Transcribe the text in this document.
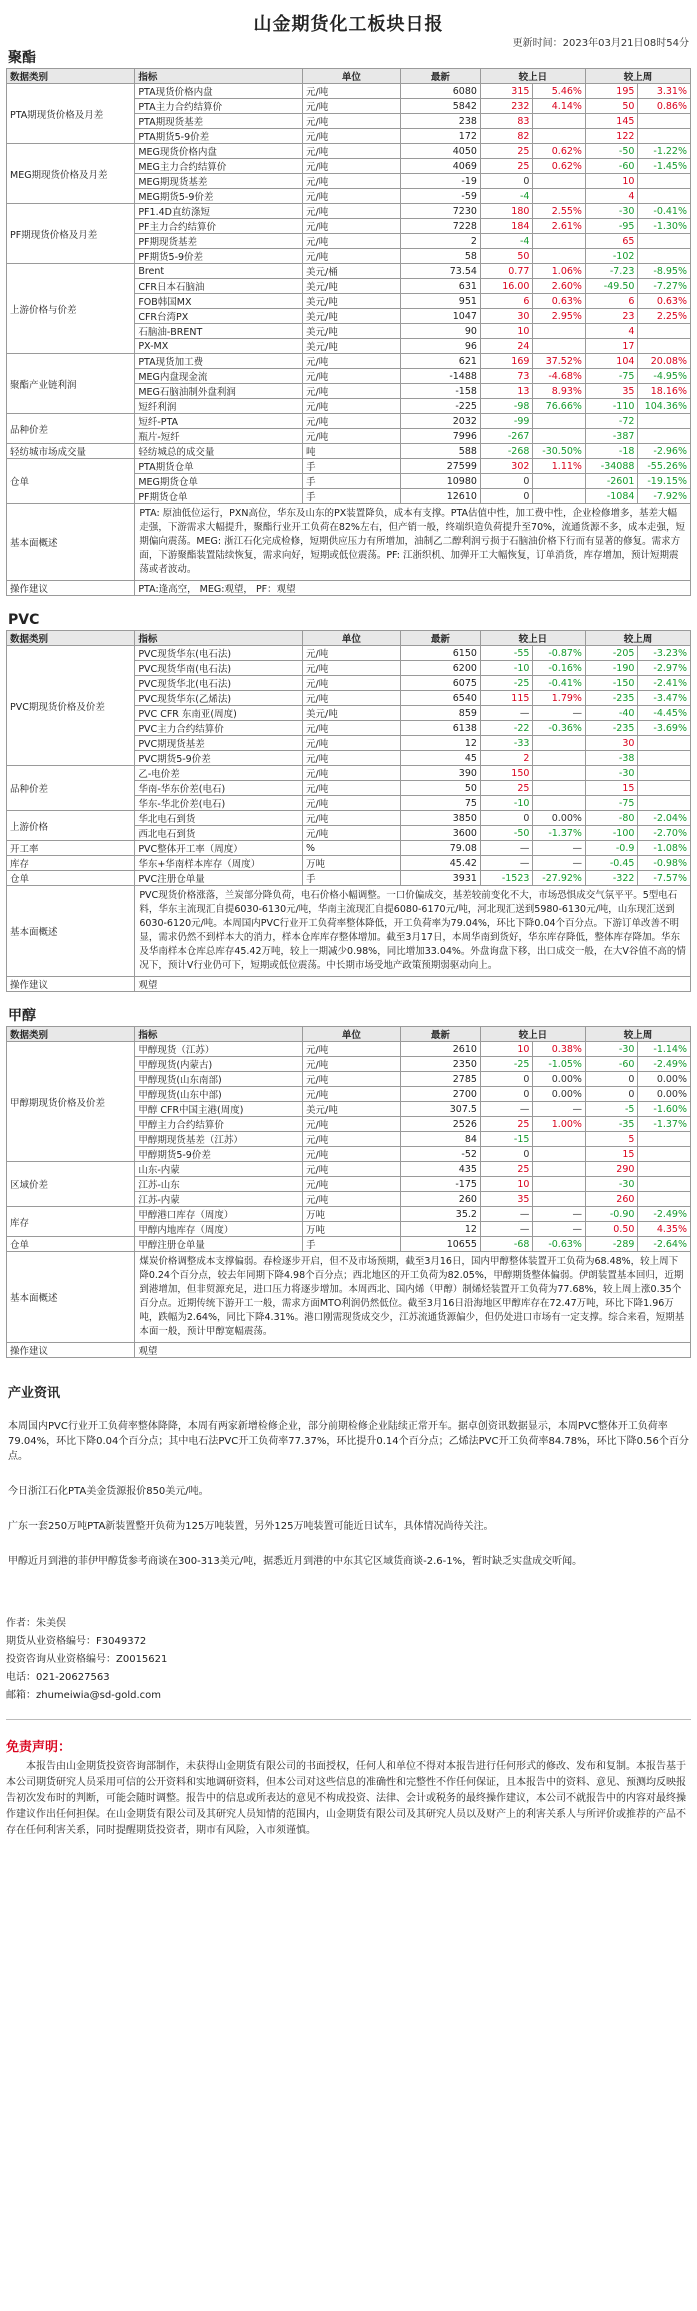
山金期货化工板块日报
更新时间：2023年03月21日08时54分
聚酯
数据类别	指标	单位	最新	较上日		较上周	
PTA期现货价格及月差	PTA现货价格内盘	元/吨	6080	315	5.46%	195	3.31%
	PTA主力合约结算价	元/吨	5842	232	4.14%	50	0.86%
	PTA期现货基差	元/吨	238	83		145	
	PTA期货5-9价差	元/吨	172	82		122	
MEG期现货价格及月差	MEG现货价格内盘	元/吨	4050	25	0.62%	-50	-1.22%
	MEG主力合约结算价	元/吨	4069	25	0.62%	-60	-1.45%
	MEG期现货基差	元/吨	-19	0		10	
	MEG期货5-9价差	元/吨	-59	-4		4	
PF期现货价格及月差	PF1.4D直纺涤短	元/吨	7230	180	2.55%	-30	-0.41%
	PF主力合约结算价	元/吨	7228	184	2.61%	-95	-1.30%
	PF期现货基差	元/吨	2	-4		65	
	PF期货5-9价差	元/吨	58	50		-102	
上游价格与价差	Brent	美元/桶	73.54	0.77	1.06%	-7.23	-8.95%
	CFR日本石脑油	美元/吨	631	16.00	2.60%	-49.50	-7.27%
	FOB韩国MX	美元/吨	951	6	0.63%	6	0.63%
	CFR台湾PX	美元/吨	1047	30	2.95%	23	2.25%
	石脑油-BRENT	美元/吨	90	10		4	
	PX-MX	美元/吨	96	24		17	
聚酯产业链利润	PTA现货加工费	元/吨	621	169	37.52%	104	20.08%
	MEG内盘现金流	元/吨	-1488	73	-4.68%	-75	-4.95%
	MEG石脑油制外盘利润	元/吨	-158	13	8.93%	35	18.16%
	短纤利润	元/吨	-225	-98	76.66%	-110	104.36%
品种价差	短纤-PTA	元/吨	2032	-99		-72	
	瓶片-短纤	元/吨	7996	-267		-387	
轻纺城市场成交量	轻纺城总的成交量	吨	588	-268	-30.50%	-18	-2.96%
仓单	PTA期货仓单	手	27599	302	1.11%	-34088	-55.26%
	MEG期货仓单	手	10980	0		-2601	-19.15%
	PF期货仓单	手	12610	0		-1084	-7.92%
基本面概述	PTA: 原油低位运行，PXN高位，华东及山东的PX装置降负，成本有支撑。PTA估值中性，加工费中性，企业检修增多，基差大幅走强，下游需求大幅提升，聚酯行业开工负荷在82%左右，但产销一般，终端织造负荷提升至70%，流通货源不多，成本走强，短期偏向震荡。MEG: 浙江石化完成检修，短期供应压力有所增加，油制乙二醇利润亏损于石脑油价格下行而有显著的修复。需求方面，下游聚酯装置陆续恢复，需求向好，短期或低位震荡。PF: 江浙织机、加弹开工大幅恢复，订单消货，库存增加，预计短期震荡或者波动。						
操作建议	PTA:逢高空， MEG:观望， PF：观望						
PVC
数据类别	指标	单位	最新	较上日		较上周	
PVC期现货价格及价差	PVC现货华东(电石法)	元/吨	6150	-55	-0.87%	-205	-3.23%
	PVC现货华南(电石法)	元/吨	6200	-10	-0.16%	-190	-2.97%
	PVC现货华北(电石法)	元/吨	6075	-25	-0.41%	-150	-2.41%
	PVC现货华东(乙烯法)	元/吨	6540	115	1.79%	-235	-3.47%
	PVC CFR 东南亚(周度)	美元/吨	859	—	—	-40	-4.45%
	PVC主力合约结算价	元/吨	6138	-22	-0.36%	-235	-3.69%
	PVC期现货基差	元/吨	12	-33		30	
	PVC期货5-9价差	元/吨	45	2		-38	
品种价差	乙-电价差	元/吨	390	150		-30	
	华南-华东价差(电石)	元/吨	50	25		15	
	华东-华北价差(电石)	元/吨	75	-10		-75	
上游价格	华北电石到货	元/吨	3850	0	0.00%	-80	-2.04%
	西北电石到货	元/吨	3600	-50	-1.37%	-100	-2.70%
开工率	PVC整体开工率（周度）	%	79.08	—	—	-0.9	-1.08%
库存	华东+华南样本库存（周度）	万吨	45.42	—	—	-0.45	-0.98%
仓单	PVC注册仓单量	手	3931	-1523	-27.92%	-322	-7.57%
基本面概述	PVC现货价格涨落，兰炭部分降负荷，电石价格小幅调整。一口价偏成交，基差较前变化不大，市场恐惧成交气氛平平。5型电石料，华东主流现汇自提6030-6130元/吨，华南主流现汇自提6080-6170元/吨，河北现汇送到5980-6130元/吨，山东现汇送到6030-6120元/吨。本周国内PVC行业开工负荷率整体降低，开工负荷率为79.04%，环比下降0.04个百分点。下游订单改善不明显，需求仍然不到样本大的消力，样本仓库库存整体增加。截至3月17日，本周华南到货好，华东库存降低，整体库存降加。华东及华南样本仓库总库存45.42万吨，较上一期减少0.98%，同比增加33.04%。外盘询盘下移，出口成交一般，在大V谷值不高的情况下，预计V行业仍可下，短期或低位震荡。中长期市场受地产政策预期弱驱动向上。						
操作建议	观望						
甲醇
数据类别	指标	单位	最新	较上日		较上周	
甲醇期现货价格及价差	甲醇现货（江苏）	元/吨	2610	10	0.38%	-30	-1.14%
	甲醇现货(内蒙古)	元/吨	2350	-25	-1.05%	-60	-2.49%
	甲醇现货(山东南部)	元/吨	2785	0	0.00%	0	0.00%
	甲醇现货(山东中部)	元/吨	2700	0	0.00%	0	0.00%
	甲醇 CFR中国主港(周度)	美元/吨	307.5	—	—	-5	-1.60%
	甲醇主力合约结算价	元/吨	2526	25	1.00%	-35	-1.37%
	甲醇期现货基差（江苏）	元/吨	84	-15		5	
	甲醇期货5-9价差	元/吨	-52	0		15	
区域价差	山东-内蒙	元/吨	435	25		290	
	江苏-山东	元/吨	-175	10		-30	
	江苏-内蒙	元/吨	260	35		260	
库存	甲醇港口库存（周度）	万吨	35.2	—	—	-0.90	-2.49%
	甲醇内地库存（周度）	万吨	12	—	—	0.50	4.35%
仓单	甲醇注册仓单量	手	10655	-68	-0.63%	-289	-2.64%
基本面概述	煤炭价格调整成本支撑偏弱。春检逐步开启，但不及市场预期，截至3月16日，国内甲醇整体装置开工负荷为68.48%，较上周下降0.24个百分点，较去年同期下降4.98个百分点；西北地区的开工负荷为82.05%，甲醇期货整体偏弱。伊朗装置基本回归，近期到港增加，但非贸源充足，进口压力将逐步增加。本周西北、国内烯（甲醇）制烯烃装置开工负荷为77.68%，较上周上涨0.35个百分点。近期传统下游开工一般，需求方面MTO利润仍然低位。截至3月16日沿海地区甲醇库存在72.47万吨，环比下降1.96万吨，跌幅为2.64%，同比下降4.31%。港口刚需现货成交少，江苏流通货源偏少，但仍处进口市场有一定支撑。综合来看，短期基本面一般，预计甲醇宽幅震荡。						
操作建议	观望						
产业资讯
本周国内PVC行业开工负荷率整体降降，本周有两家新增检修企业，部分前期检修企业陆续正常开车。据卓创资讯数据显示，本周PVC整体开工负荷率79.04%，环比下降0.04个百分点；其中电石法PVC开工负荷率77.37%，环比提升0.14个百分点；乙烯法PVC开工负荷率84.78%，环比下降0.56个百分点。
今日浙江石化PTA美金货源报价850美元/吨。
广东一套250万吨PTA新装置整开负荷为125万吨装置，另外125万吨装置可能近日试车，具体情况尚待关注。
甲醇近月到港的菲伊甲醇货参考商谈在300-313美元/吨，据悉近月到港的中东其它区域货商谈-2.6-1%，暂时缺乏实盘成交听闻。
作者：朱美俣
期货从业资格编号：F3049372
投资咨询从业资格编号：Z0015621
电话：021-20627563
邮箱：zhumeiwia@sd-gold.com
免责声明：
本报告由山金期货投资咨询部制作，未获得山金期货有限公司的书面授权，任何人和单位不得对本报告进行任何形式的修改、发布和复制。本报告基于本公司期货研究人员采用可信的公开资料和实地调研资料，但本公司对这些信息的准确性和完整性不作任何保证，且本报告中的资料、意见、预测均反映报告初次发布时的判断，可能会随时调整。报告中的信息或所表达的意见不构成投资、法律、会计或税务的最终操作建议，本公司不就报告中的内容对最终操作建议作出任何担保。在山金期货有限公司及其研究人员知情的范围内，山金期货有限公司及其研究人员以及财产上的利害关系人与所评价或推荐的产品不存在任何利害关系，同时提醒期货投资者，期市有风险，入市须谨慎。
